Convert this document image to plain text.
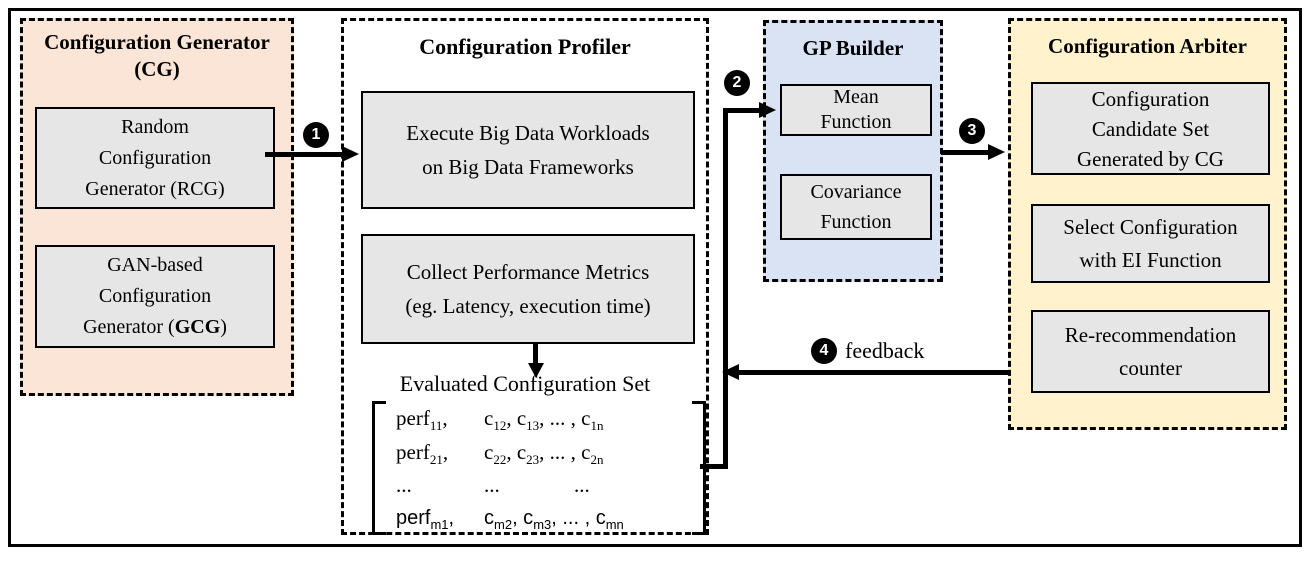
Configuration Generator
(CG)
Random
Configuration
Generator (RCG)
GAN-based
Configuration
Generator (GCG)
Configuration Profiler
Execute Big Data Workloads
on Big Data Frameworks
Collect Performance Metrics
(eg. Latency, execution time)
Evaluated Configuration Set
perf$_{11}$,	$c_{12}$, $c_{13}$, ... , $c_{1n}$
perf$_{21}$,	$c_{22}$, $c_{23}$, ... , $c_{2n}$
...	...	...
perf$_{m1}$,	$c_{m2}$, $c_{m3}$, ... , $c_{mn}$
GP Builder
Mean
Function
Covariance
Function
Configuration Arbiter
Configuration
Candidate Set
Generated by CG
Select Configuration
with EI Function
Re-recommendation
counter
1
2
3
4 feedback
